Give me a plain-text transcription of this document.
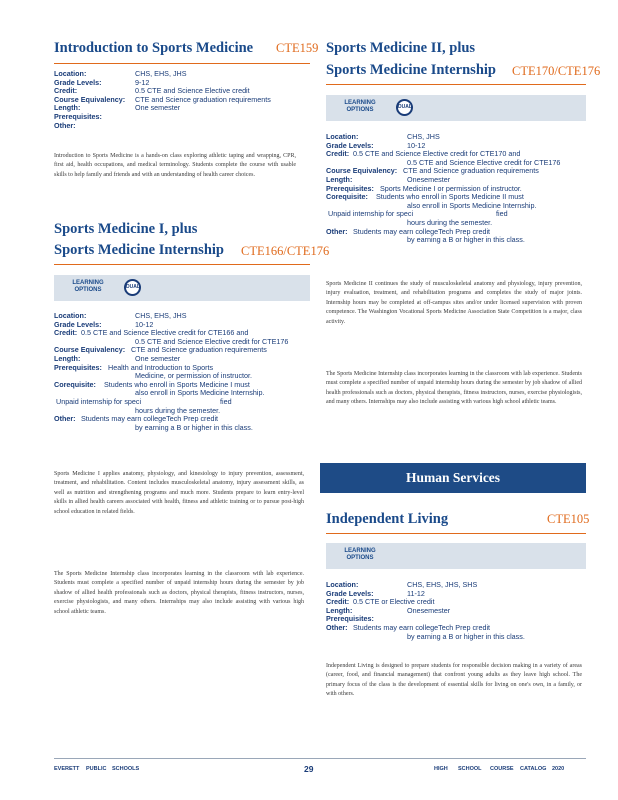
Introduction to Sports Medicine CTE159
Location:	CHS, EHS, JHS
Grade Levels:	9-12
Credit:	0.5 CTE and Science Elective credit
Course Equivalency: CTE and Science graduation requirements
Length:	One semester
Prerequisites:
Other:
Introduction to Sports Medicine is a hands-on class exploring athletic taping and wrapping, CPR, first aid, health occupations, and medical terminology. Students complete the course with usable skills to help family and friends and with an understanding of health career choices.
Sports Medicine I, plus
Sports Medicine Internship CTE166/CTE176
LEARNING
OPTIONS	DUAL
Location:	CHS, EHS, JHS
Grade Levels:	10-12
Credit: 0.5 CTE and Science Elective credit for CTE166 and
0.5 CTE and Science Elective credit for CTE176
Course Equivalency: CTE and Science graduation requirements
Length:	One semester
Prerequisites: Health and Introduction to Sports
Medicine, or permission of instructor.
Corequisite: Students who enroll in Sports Medicine I must
also enroll in Sports Medicine Internship.
Unpaid internship for speci	fied
hours during the semester.
Other: Students may earn collegeTech Prep credit
by earning a B or higher in this class.
Sports Medicine I applies anatomy, physiology, and kinesiology to injury prevention, assessment, treatment, and rehabilitation. Content includes musculoskeletal anatomy, injury assessment skills, as well as nutrition and strengthening programs and much more. Students prepare to learn entry-level skills in allied health careers associated with health, fitness and athletic training or to pursue post-high school education in related fields.
The Sports Medicine Internship class incorporates learning in the classroom with lab experience. Students must complete a specified number of unpaid internship hours during the semester by job shadow of allied health professionals such as doctors, physical therapists, fitness instructors, nurses, exercise physiologists, and many others. Internships may also include assisting with various high school athletic teams.
Sports Medicine II, plus
Sports Medicine Internship CTE170/CTE176
LEARNING
OPTIONS	DUAL
Location:	CHS, JHS
Grade Levels:	10-12
Credit: 0.5 CTE and Science Elective credit for CTE170 and
0.5 CTE and Science Elective credit for CTE176
Course Equivalency: CTE and Science graduation requirements
Length:	Onesemester
Prerequisites: Sports Medicine I or permission of instructor.
Corequisite: Students who enroll in Sports Medicine II must
also enroll in Sports Medicine Internship.
Unpaid internship for speci	fied
hours during the semester.
Other: Students may earn collegeTech Prep credit
by earning a B or higher in this class.
Sports Medicine II continues the study of musculoskeletal anatomy and physiology, injury prevention, injury evaluation, treatment, and rehabilitation programs and completes the study of major joints. Internship hours may be completed at off-campus sites and/or under licensed supervision with proven competence. The Washington Vocational Sports Medicine Association State Competition is a major, class activity.
The Sports Medicine Internship class incorporates learning in the classroom with lab experience. Students must complete a specified number of unpaid internship hours during the semester by job shadow of allied health professionals such as doctors, physical therapists, fitness instructors, nurses, exercise physiologists, and many others. Internships may also include assisting with various high school athletic teams.
Human Services
Independent Living	CTE105
LEARNING
OPTIONS
Location:	CHS, EHS, JHS, SHS
Grade Levels:	11-12
Credit: 0.5 CTE or Elective credit
Length:	Onesemester
Prerequisites:
Other: Students may earn collegeTech Prep credit
by earning a B or higher in this class.
Independent Living is designed to prepare students for responsible decision making in a variety of areas (career, food, and financial management) that confront young adults as they leave high school. The primary focus of the class is the development of essential skills for living on one's own, in a family, or with others.
EVERETT PUBLIC SCHOOLS	29	HIGH SCHOOL COURSE CATALOG 2020
